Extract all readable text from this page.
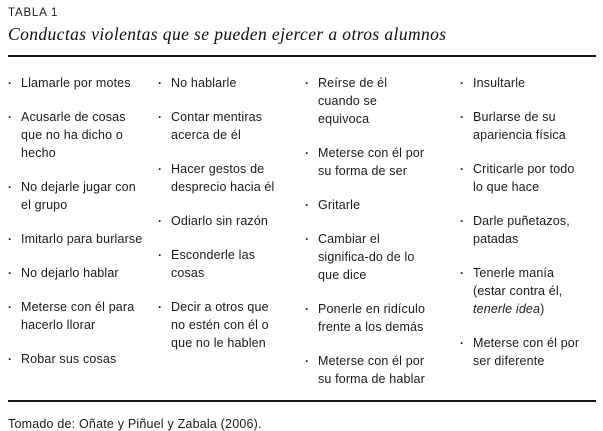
TABLA 1
Conductas violentas que se pueden ejercer a otros alumnos
· Llamarle por motes
· Acusarle de cosas que no ha dicho o hecho
· No dejarle jugar con el grupo
· Imitarlo para burlarse
· No dejarlo hablar
· Meterse con él para hacerlo llorar
· Robar sus cosas
· No hablarle
· Contar mentiras acerca de él
· Hacer gestos de desprecio hacia él
· Odiarlo sin razón
· Esconderle las cosas
· Decir a otros que no estén con él o que no le hablen
· Reírse de él cuando se equivoca
· Meterse con él por su forma de ser
· Gritarle
· Cambiar el significa-do de lo que dice
· Ponerle en ridículo frente a los demás
· Meterse con él por su forma de hablar
· Insultarle
· Burlarse de su apariencia física
· Criticarle por todo lo que hace
· Darle puñetazos, patadas
· Tenerle manía (estar contra él, tenerle idea)
· Meterse con él por ser diferente
Tomado de: Oñate y Piñuel y Zabala (2006).
